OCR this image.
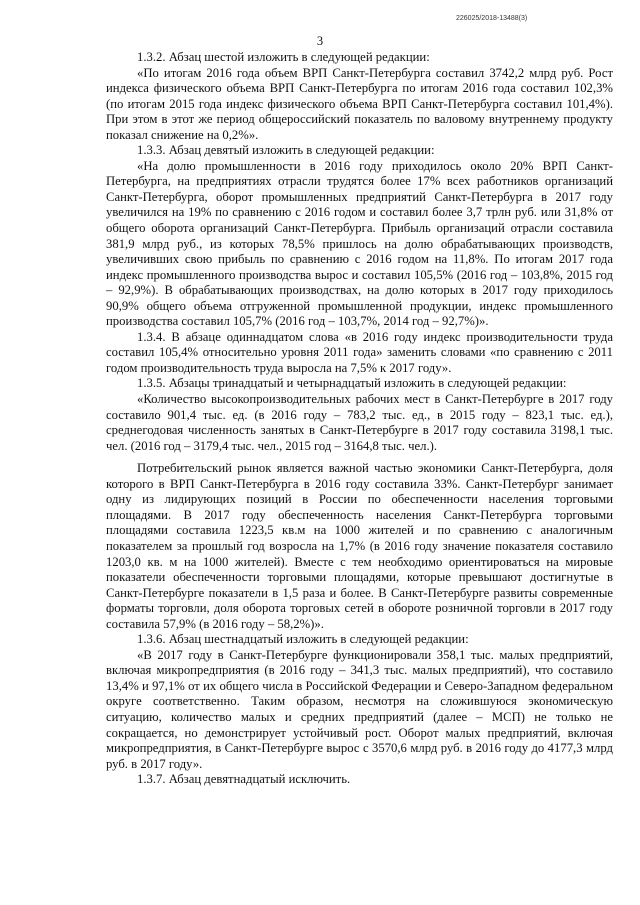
226025/2018-13488(3)
3

1.3.2. Абзац шестой изложить в следующей редакции:

«По итогам 2016 года объем ВРП Санкт-Петербурга составил 3742,2 млрд руб. Рост индекса физического объема ВРП Санкт-Петербурга по итогам 2016 года составил 102,3% (по итогам 2015 года индекс физического объема ВРП Санкт-Петербурга составил 101,4%). При этом в этот же период общероссийский показатель по валовому внутреннему продукту показал снижение на 0,2%».

1.3.3. Абзац девятый изложить в следующей редакции:

«На долю промышленности в 2016 году приходилось около 20% ВРП Санкт-Петербурга, на предприятиях отрасли трудятся более 17% всех работников организаций Санкт-Петербурга, оборот промышленных предприятий Санкт-Петербурга в 2017 году увеличился на 19% по сравнению с 2016 годом и составил более 3,7 трлн руб. или 31,8% от общего оборота организаций Санкт-Петербурга. Прибыль организаций отрасли составила 381,9 млрд руб., из которых 78,5% пришлось на долю обрабатывающих производств, увеличивших свою прибыль по сравнению с 2016 годом на 11,8%. По итогам 2017 года индекс промышленного производства вырос и составил 105,5% (2016 год – 103,8%, 2015 год – 92,9%). В обрабатывающих производствах, на долю которых в 2017 году приходилось 90,9% общего объема отгруженной промышленной продукции, индекс промышленного производства составил 105,7% (2016 год – 103,7%, 2014 год – 92,7%)».

1.3.4. В абзаце одиннадцатом слова «в 2016 году индекс производительности труда составил 105,4% относительно уровня 2011 года» заменить словами «по сравнению с 2011 годом производительность труда выросла на 7,5% к 2017 году».

1.3.5. Абзацы тринадцатый и четырнадцатый изложить в следующей редакции:

«Количество высокопроизводительных рабочих мест в Санкт-Петербурге в 2017 году составило 901,4 тыс. ед. (в 2016 году – 783,2 тыс. ед., в 2015 году – 823,1 тыс. ед.), среднегодовая численность занятых в Санкт-Петербурге в 2017 году составила 3198,1 тыс. чел. (2016 год – 3179,4 тыс. чел., 2015 год – 3164,8 тыс. чел.).

Потребительский рынок является важной частью экономики Санкт-Петербурга, доля которого в ВРП Санкт-Петербурга в 2016 году составила 33%. Санкт-Петербург занимает одну из лидирующих позиций в России по обеспеченности населения торговыми площадями. В 2017 году обеспеченность населения Санкт-Петербурга торговыми площадями составила 1223,5 кв.м на 1000 жителей и по сравнению с аналогичным показателем за прошлый год возросла на 1,7% (в 2016 году значение показателя составило 1203,0 кв. м на 1000 жителей). Вместе с тем необходимо ориентироваться на мировые показатели обеспеченности торговыми площадями, которые превышают достигнутые в Санкт-Петербурге показатели в 1,5 раза и более. В Санкт-Петербурге развиты современные форматы торговли, доля оборота торговых сетей в обороте розничной торговли в 2017 году составила 57,9% (в 2016 году – 58,2%)».

1.3.6. Абзац шестнадцатый изложить в следующей редакции:

«В 2017 году в Санкт-Петербурге функционировали 358,1 тыс. малых предприятий, включая микропредприятия (в 2016 году – 341,3 тыс. малых предприятий), что составило 13,4% и 97,1% от их общего числа в Российской Федерации и Северо-Западном федеральном округе соответственно. Таким образом, несмотря на сложившуюся экономическую ситуацию, количество малых и средних предприятий (далее – МСП) не только не сокращается, но демонстрирует устойчивый рост. Оборот малых предприятий, включая микропредприятия, в Санкт-Петербурге вырос с 3570,6 млрд руб. в 2016 году до 4177,3 млрд руб. в 2017 году».

1.3.7. Абзац девятнадцатый исключить.
